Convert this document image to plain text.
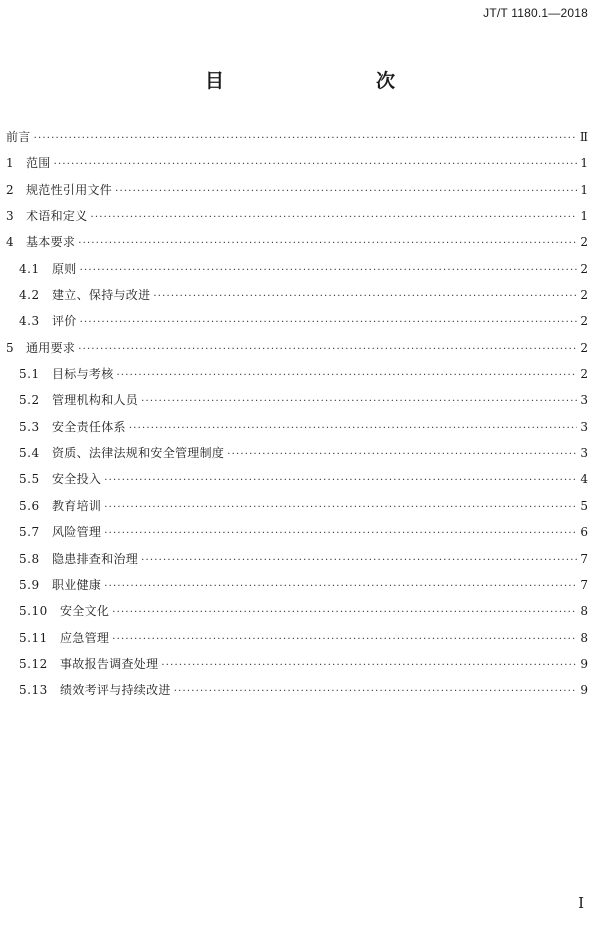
JT/T 1180.1—2018
目　　次
前言 ·····	Ⅱ
1 范围 ·····	1
2 规范性引用文件 ·····	1
3 术语和定义 ·····	1
4 基本要求 ·····	2
4.1	原则 ·····	2
4.2	建立、保持与改进 ·····	2
4.3	评价 ·····	2
5 通用要求 ·····	2
5.1	目标与考核 ·····	2
5.2	管理机构和人员 ·····	3
5.3	安全责任体系 ·····	3
5.4	资质、法律法规和安全管理制度 ·····	3
5.5	安全投入 ·····	4
5.6	教育培训 ·····	5
5.7	风险管理 ·····	6
5.8	隐患排查和治理 ·····	7
5.9	职业健康 ·····	7
5.10	安全文化 ·····	8
5.11	应急管理 ·····	8
5.12	事故报告调查处理 ·····	9
5.13	绩效考评与持续改进 ·····	9
I
